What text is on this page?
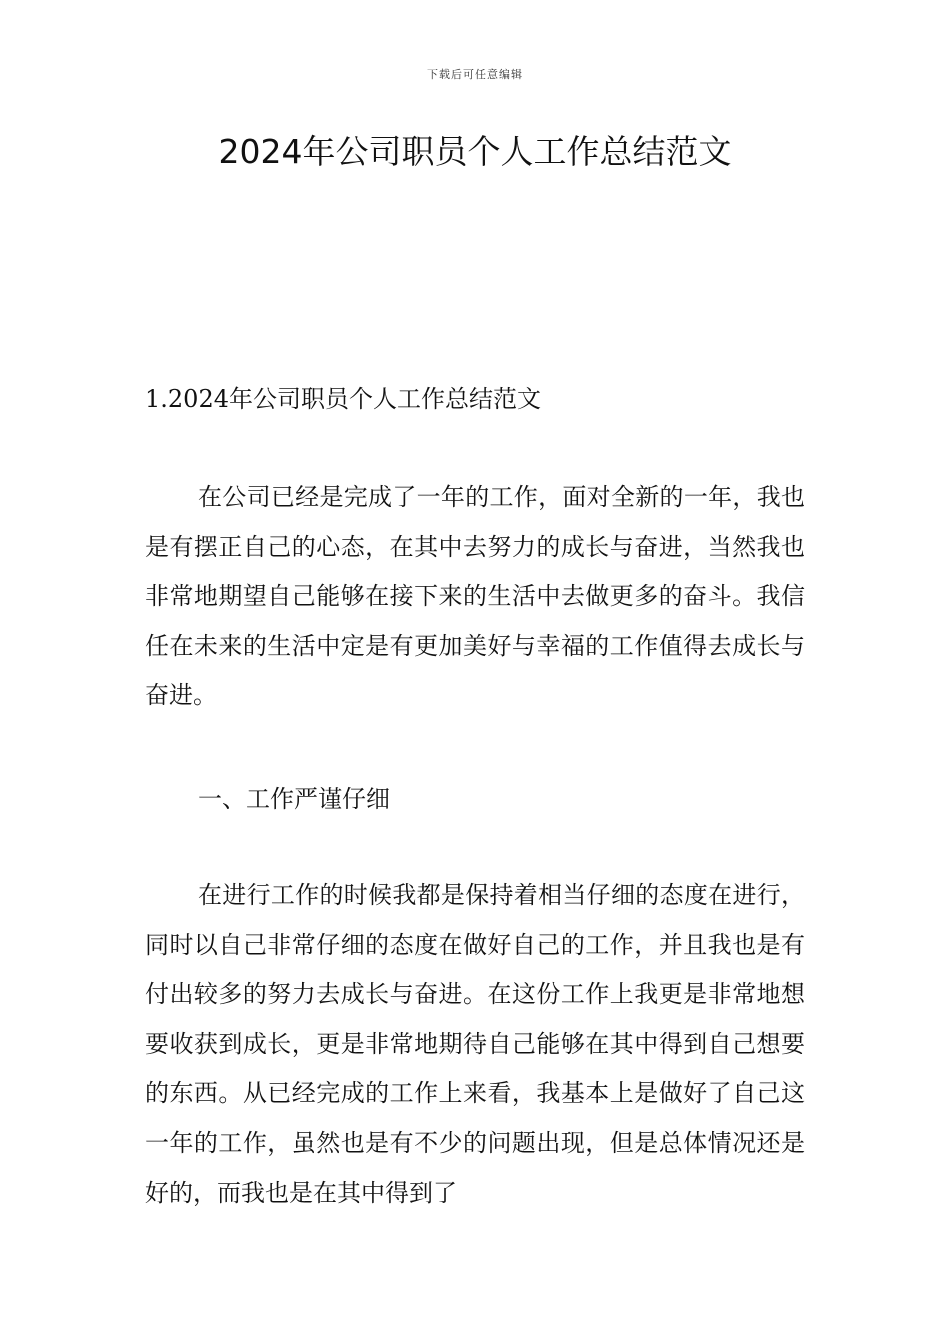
下载后可任意编辑
2024年公司职员个人工作总结范文
1.2024年公司职员个人工作总结范文

在公司已经是完成了一年的工作，面对全新的一年，我也是有摆正自己的心态，在其中去努力的成长与奋进，当然我也非常地期望自己能够在接下来的生活中去做更多的奋斗。我信任在未来的生活中定是有更加美好与幸福的工作值得去成长与奋进。

一、工作严谨仔细

在进行工作的时候我都是保持着相当仔细的态度在进行，同时以自己非常仔细的态度在做好自己的工作，并且我也是有付出较多的努力去成长与奋进。在这份工作上我更是非常地想要收获到成长，更是非常地期待自己能够在其中得到自己想要的东西。从已经完成的工作上来看，我基本上是做好了自己这一年的工作，虽然也是有不少的问题出现，但是总体情况还是好的，而我也是在其中得到了
